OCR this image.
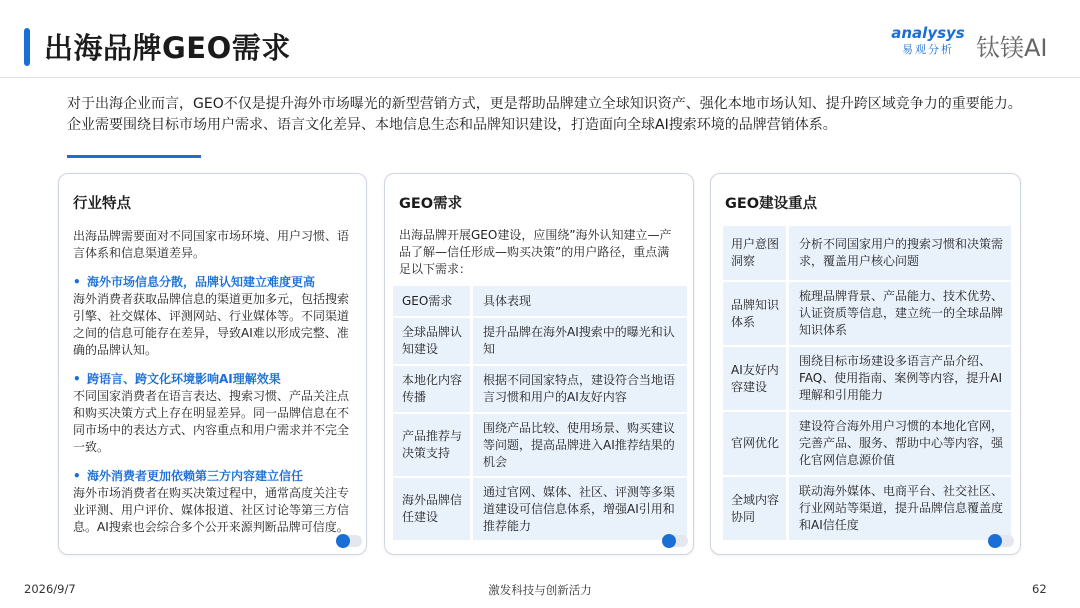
出海品牌GEO需求	analysys
易观分析 钛镁AI
对于出海企业而言，GEO不仅是提升海外市场曝光的新型营销方式，更是帮助品牌建立全球知识资产、强化本地市场认知、提升跨区域竞争力的重要能力。企业需要围绕目标市场用户需求、语言文化差异、本地信息生态和品牌知识建设，打造面向全球AI搜索环境的品牌营销体系。
行业特点

出海品牌需要面对不同国家市场环境、用户习惯、语言体系和信息渠道差异。

• 海外市场信息分散，品牌认知建立难度更高
海外消费者获取品牌信息的渠道更加多元，包括搜索引擎、社交媒体、评测网站、行业媒体等。不同渠道之间的信息可能存在差异，导致AI难以形成完整、准确的品牌认知。

• 跨语言、跨文化环境影响AI理解效果
不同国家消费者在语言表达、搜索习惯、产品关注点和购买决策方式上存在明显差异。同一品牌信息在不同市场中的表达方式、内容重点和用户需求并不完全一致。

• 海外消费者更加依赖第三方内容建立信任
海外市场消费者在购买决策过程中，通常高度关注专业评测、用户评价、媒体报道、社区讨论等第三方信息。AI搜索也会综合多个公开来源判断品牌可信度。

GEO需求
出海品牌开展GEO建设，应围绕”海外认知建立—产品了解—信任形成—购买决策”的用户路径，重点满足以下需求：
GEO需求	具体表现
全球品牌认知建设	提升品牌在海外AI搜索中的曝光和认知
本地化内容传播	根据不同国家特点，建设符合当地语言习惯和用户的AI友好内容
产品推荐与决策支持	围绕产品比较、使用场景、购买建议等问题，提高品牌进入AI推荐结果的机会
海外品牌信任建设	通过官网、媒体、社区、评测等多渠道建设可信信息体系，增强AI引用和推荐能力
GEO建设重点
用户意图洞察	分析不同国家用户的搜索习惯和决策需求，覆盖用户核心问题
品牌知识体系	梳理品牌背景、产品能力、技术优势、认证资质等信息，建立统一的全球品牌知识体系
AI友好内容建设	围绕目标市场建设多语言产品介绍、FAQ、使用指南、案例等内容，提升AI理解和引用能力
官网优化	建设符合海外用户习惯的本地化官网，完善产品、服务、帮助中心等内容，强化官网信息源价值
全域内容协同	联动海外媒体、电商平台、社交社区、行业网站等渠道，提升品牌信息覆盖度和AI信任度
2026/9/7	激发科技与创新活力	62
